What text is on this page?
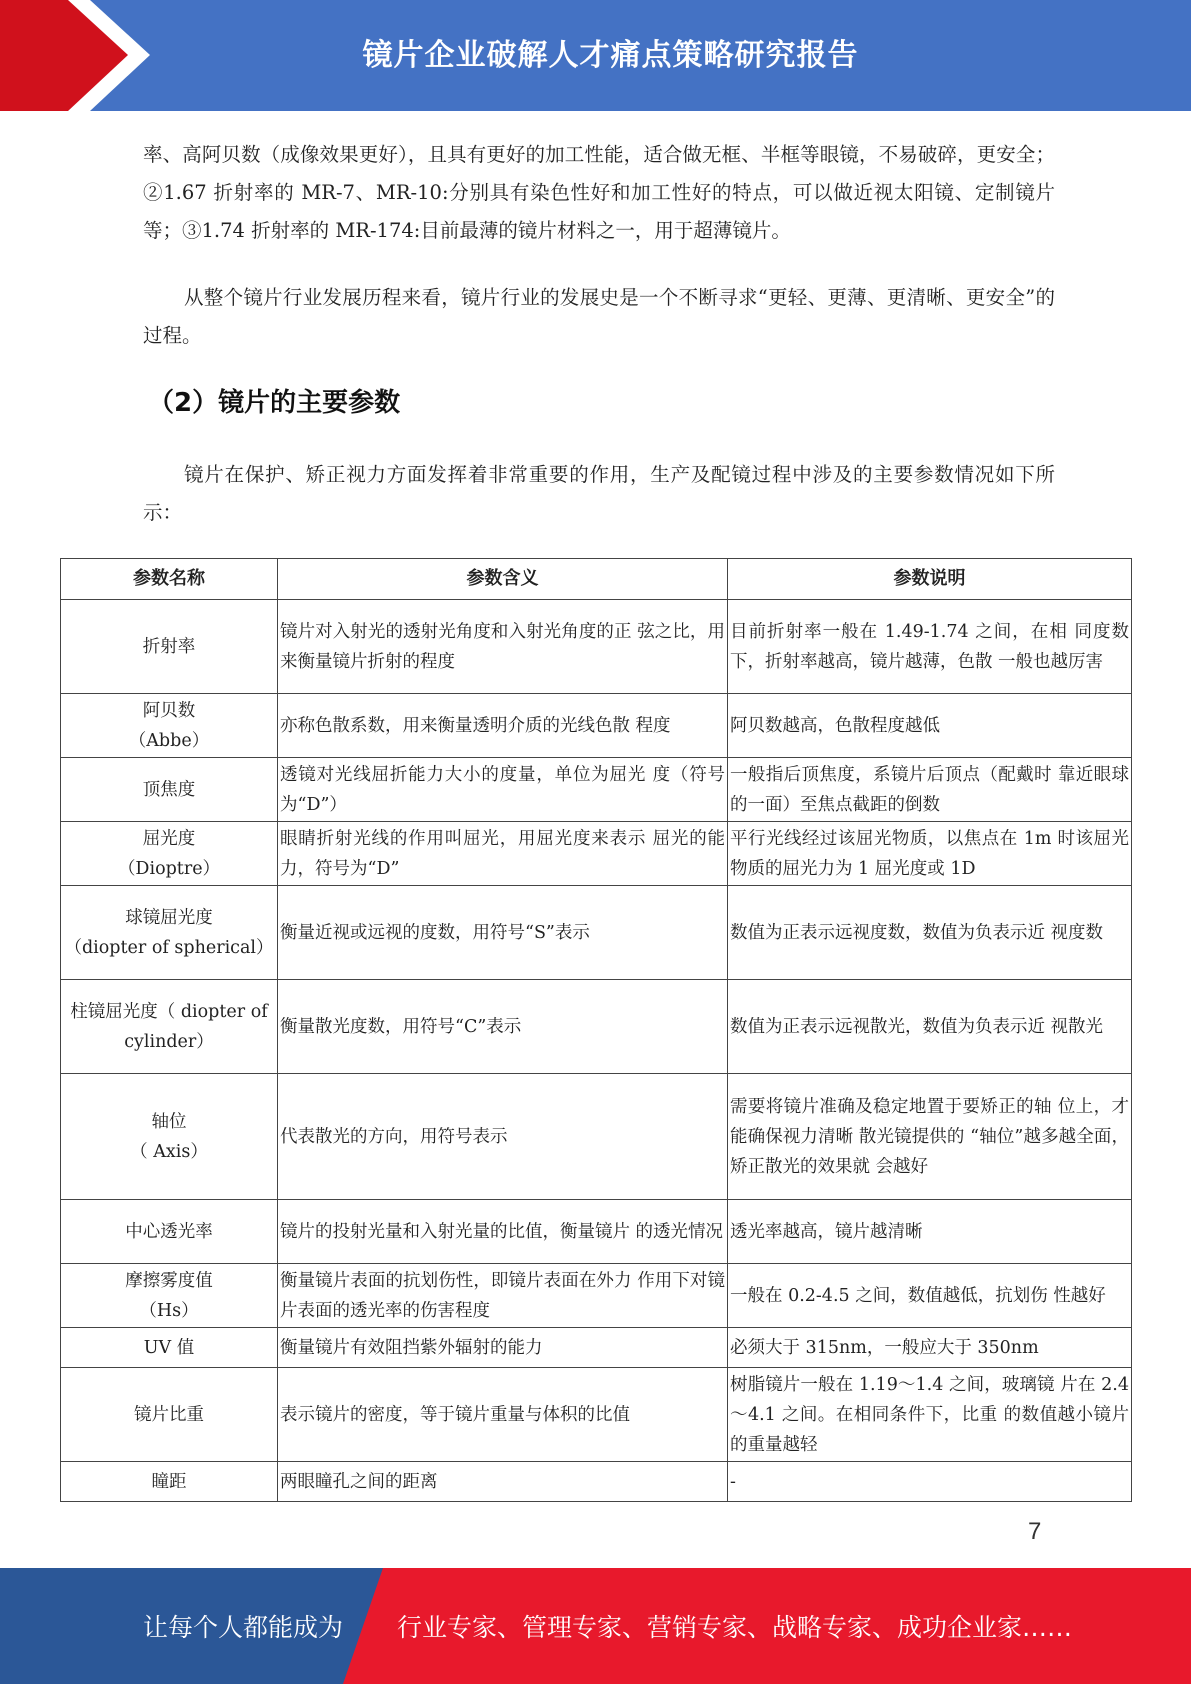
镜片企业破解人才痛点策略研究报告

率、高阿贝数（成像效果更好），且具有更好的加工性能，适合做无框、半框等眼镜，不易破碎，更安全；②1.67 折射率的 MR-7、MR-10:分别具有染色性好和加工性好的特点，可以做近视太阳镜、定制镜片等；③1.74 折射率的 MR-174:目前最薄的镜片材料之一，用于超薄镜片。

从整个镜片行业发展历程来看，镜片行业的发展史是一个不断寻求“更轻、更薄、更清晰、更安全”的过程。

（2）镜片的主要参数

镜片在保护、矫正视力方面发挥着非常重要的作用，生产及配镜过程中涉及的主要参数情况如下所示：

参数名称	参数含义	参数说明

折射率	镜片对入射光的透射光角度和入射光角度的正 弦之比，用来衡量镜片折射的程度	目前折射率一般在 1.49-1.74 之间，在相 同度数下，折射率越高，镜片越薄，色散 一般也越厉害

阿贝数
（Abbe）	亦称色散系数，用来衡量透明介质的光线色散 程度	阿贝数越高，色散程度越低

顶焦度	透镜对光线屈折能力大小的度量，单位为屈光 度（符号为“D”）	一般指后顶焦度，系镜片后顶点（配戴时 靠近眼球的一面）至焦点截距的倒数

屈光度
（Dioptre）	眼睛折射光线的作用叫屈光，用屈光度来表示 屈光的能力，符号为“D”	平行光线经过该屈光物质，以焦点在 1m 时该屈光物质的屈光力为 1 屈光度或 1D

球镜屈光度
（diopter of spherical）	衡量近视或远视的度数，用符号“S”表示	数值为正表示远视度数，数值为负表示近 视度数

柱镜屈光度（ diopter of cylinder）	衡量散光度数，用符号“C”表示	数值为正表示远视散光，数值为负表示近 视散光

轴位
（ Axis）	代表散光的方向，用符号表示	需要将镜片准确及稳定地置于要矫正的轴 位上，才能确保视力清晰 散光镜提供的 “轴位”越多越全面，矫正散光的效果就 会越好

中心透光率	镜片的投射光量和入射光量的比值，衡量镜片 的透光情况	透光率越高，镜片越清晰

摩擦雾度值
（Hs）	衡量镜片表面的抗划伤性，即镜片表面在外力 作用下对镜片表面的透光率的伤害程度	一般在 0.2-4.5 之间，数值越低，抗划伤 性越好

UV 值	衡量镜片有效阻挡紫外辐射的能力	必须大于 315nm，一般应大于 350nm

镜片比重	表示镜片的密度，等于镜片重量与体积的比值	树脂镜片一般在 1.19～1.4 之间，玻璃镜 片在 2.4～4.1 之间。在相同条件下，比重 的数值越小镜片的重量越轻

瞳距	两眼瞳孔之间的距离	-
7
让每个人都能成为 行业专家、管理专家、营销专家、战略专家、成功企业家……
